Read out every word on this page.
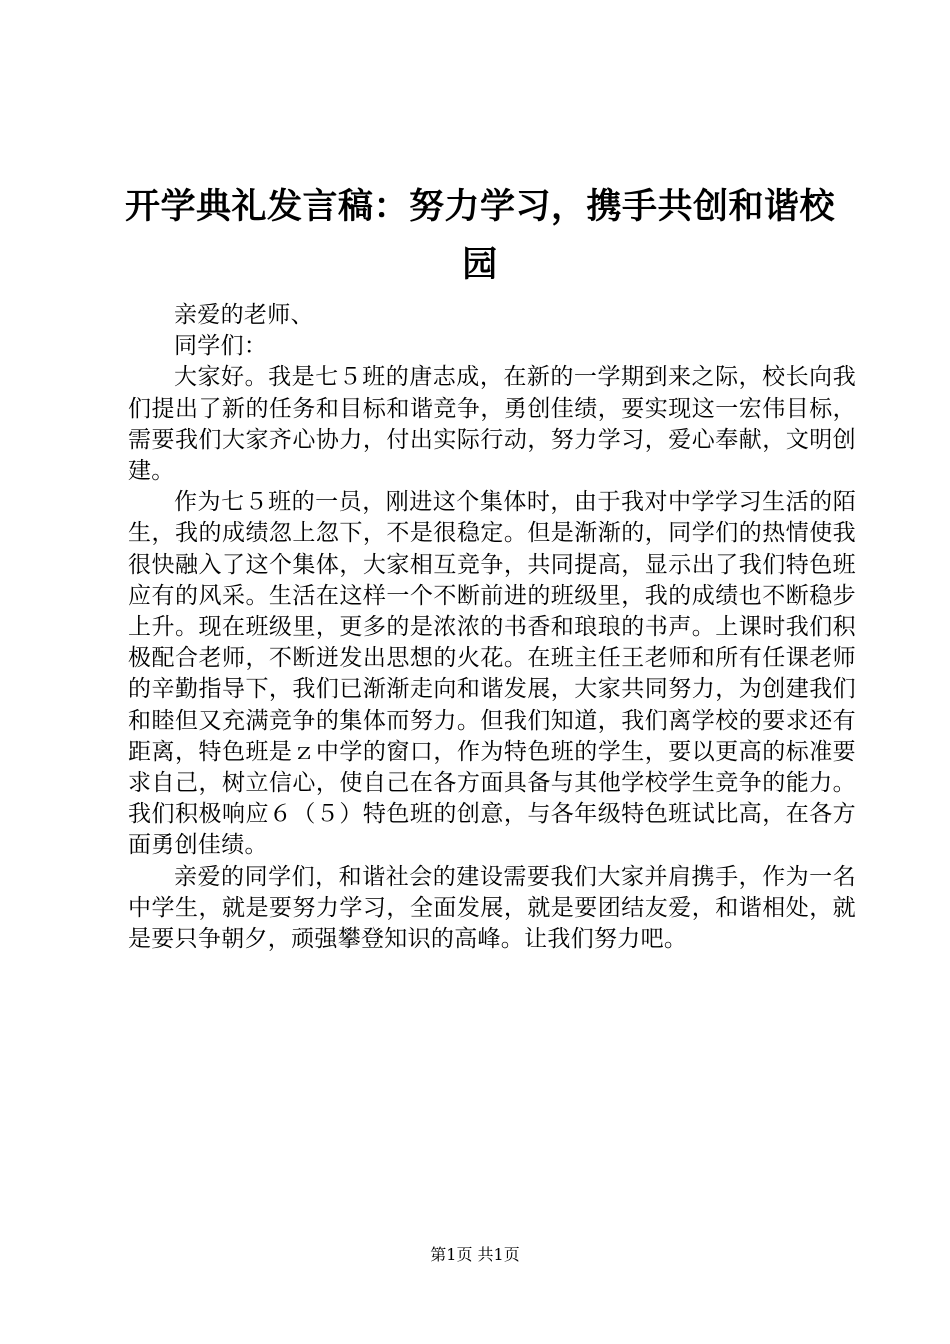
开学典礼发言稿：努力学习，携手共创和谐校园

亲爱的老师、

同学们：

大家好。我是七５班的唐志成，在新的一学期到来之际，校长向我们提出了新的任务和目标和谐竞争，勇创佳绩，要实现这一宏伟目标，需要我们大家齐心协力，付出实际行动，努力学习，爱心奉献，文明创建。

作为七５班的一员，刚进这个集体时，由于我对中学学习生活的陌生，我的成绩忽上忽下，不是很稳定。但是渐渐的，同学们的热情使我很快融入了这个集体，大家相互竞争，共同提高，显示出了我们特色班应有的风采。生活在这样一个不断前进的班级里，我的成绩也不断稳步上升。现在班级里，更多的是浓浓的书香和琅琅的书声。上课时我们积极配合老师，不断迸发出思想的火花。在班主任王老师和所有任课老师的辛勤指导下，我们已渐渐走向和谐发展，大家共同努力，为创建我们和睦但又充满竞争的集体而努力。但我们知道，我们离学校的要求还有距离，特色班是ｚ中学的窗口，作为特色班的学生，要以更高的标准要求自己，树立信心，使自己在各方面具备与其他学校学生竞争的能力。我们积极响应６（５）特色班的创意，与各年级特色班试比高，在各方面勇创佳绩。

亲爱的同学们，和谐社会的建设需要我们大家并肩携手，作为一名中学生，就是要努力学习，全面发展，就是要团结友爱，和谐相处，就是要只争朝夕，顽强攀登知识的高峰。让我们努力吧。

第1页 共1页
